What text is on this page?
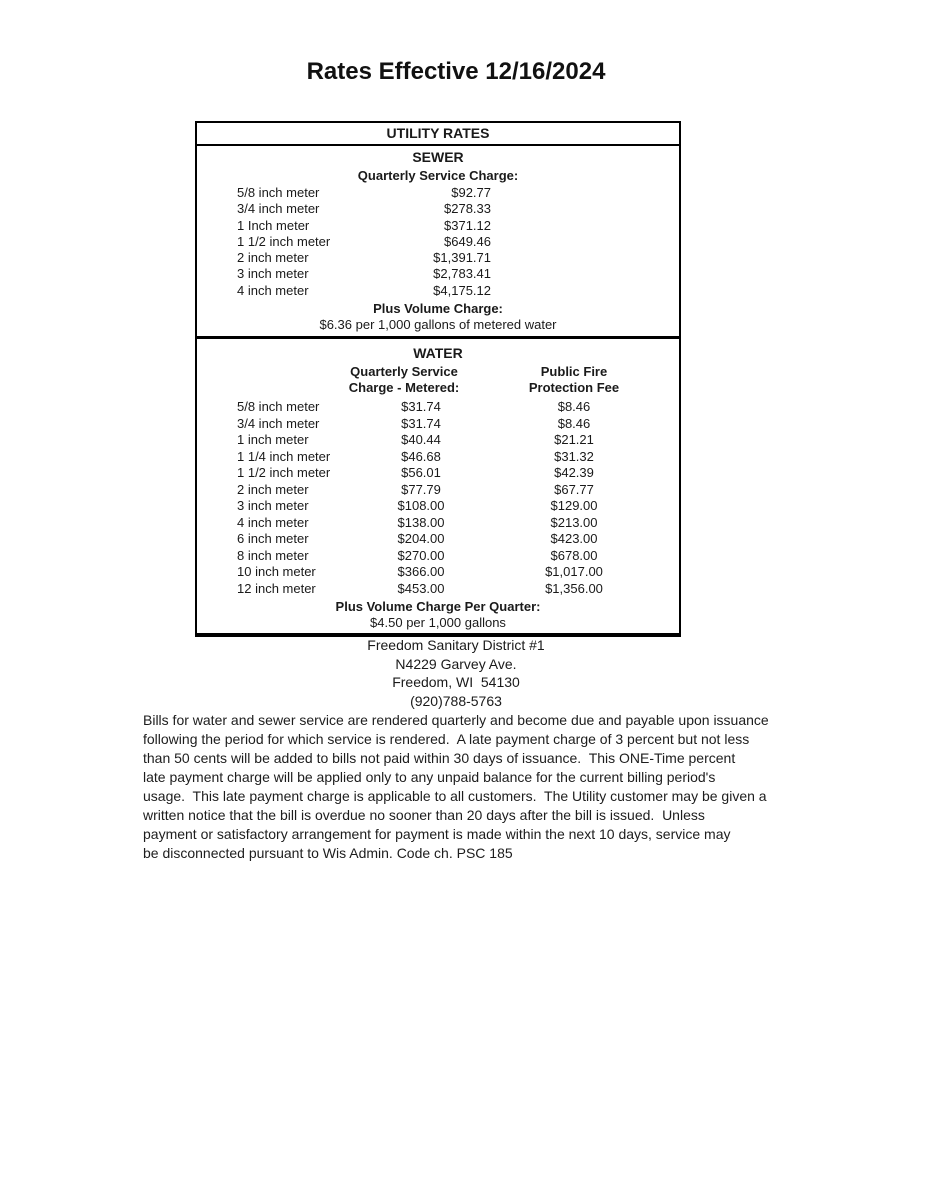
Rates Effective 12/16/2024
UTILITY RATES
SEWER
Quarterly Service Charge:
5/8 inch meter	$92.77
3/4 inch meter	$278.33
1 Inch meter	$371.12
1 1/2 inch meter	$649.46
2 inch meter	$1,391.71
3 inch meter	$2,783.41
4 inch meter	$4,175.12
Plus Volume Charge:
$6.36 per 1,000 gallons of metered water
WATER
Quarterly Service
Charge - Metered:
Public Fire
Protection Fee
5/8 inch meter	$31.74	$8.46
3/4 inch meter	$31.74	$8.46
1 inch meter	$40.44	$21.21
1 1/4 inch meter	$46.68	$31.32
1 1/2 inch meter	$56.01	$42.39
2 inch meter	$77.79	$67.77
3 inch meter	$108.00	$129.00
4 inch meter	$138.00	$213.00
6 inch meter	$204.00	$423.00
8 inch meter	$270.00	$678.00
10 inch meter	$366.00	$1,017.00
12 inch meter	$453.00	$1,356.00
Plus Volume Charge Per Quarter:
$4.50 per 1,000 gallons
Freedom Sanitary District #1
N4229 Garvey Ave.
Freedom, WI  54130
(920)788-5763
Bills for water and sewer service are rendered quarterly and become due and payable upon issuance
following the period for which service is rendered.  A late payment charge of 3 percent but not less
than 50 cents will be added to bills not paid within 30 days of issuance.  This ONE-Time percent
late payment charge will be applied only to any unpaid balance for the current billing period's
usage.  This late payment charge is applicable to all customers.  The Utility customer may be given a
written notice that the bill is overdue no sooner than 20 days after the bill is issued.  Unless
payment or satisfactory arrangement for payment is made within the next 10 days, service may
be disconnected pursuant to Wis Admin. Code ch. PSC 185
